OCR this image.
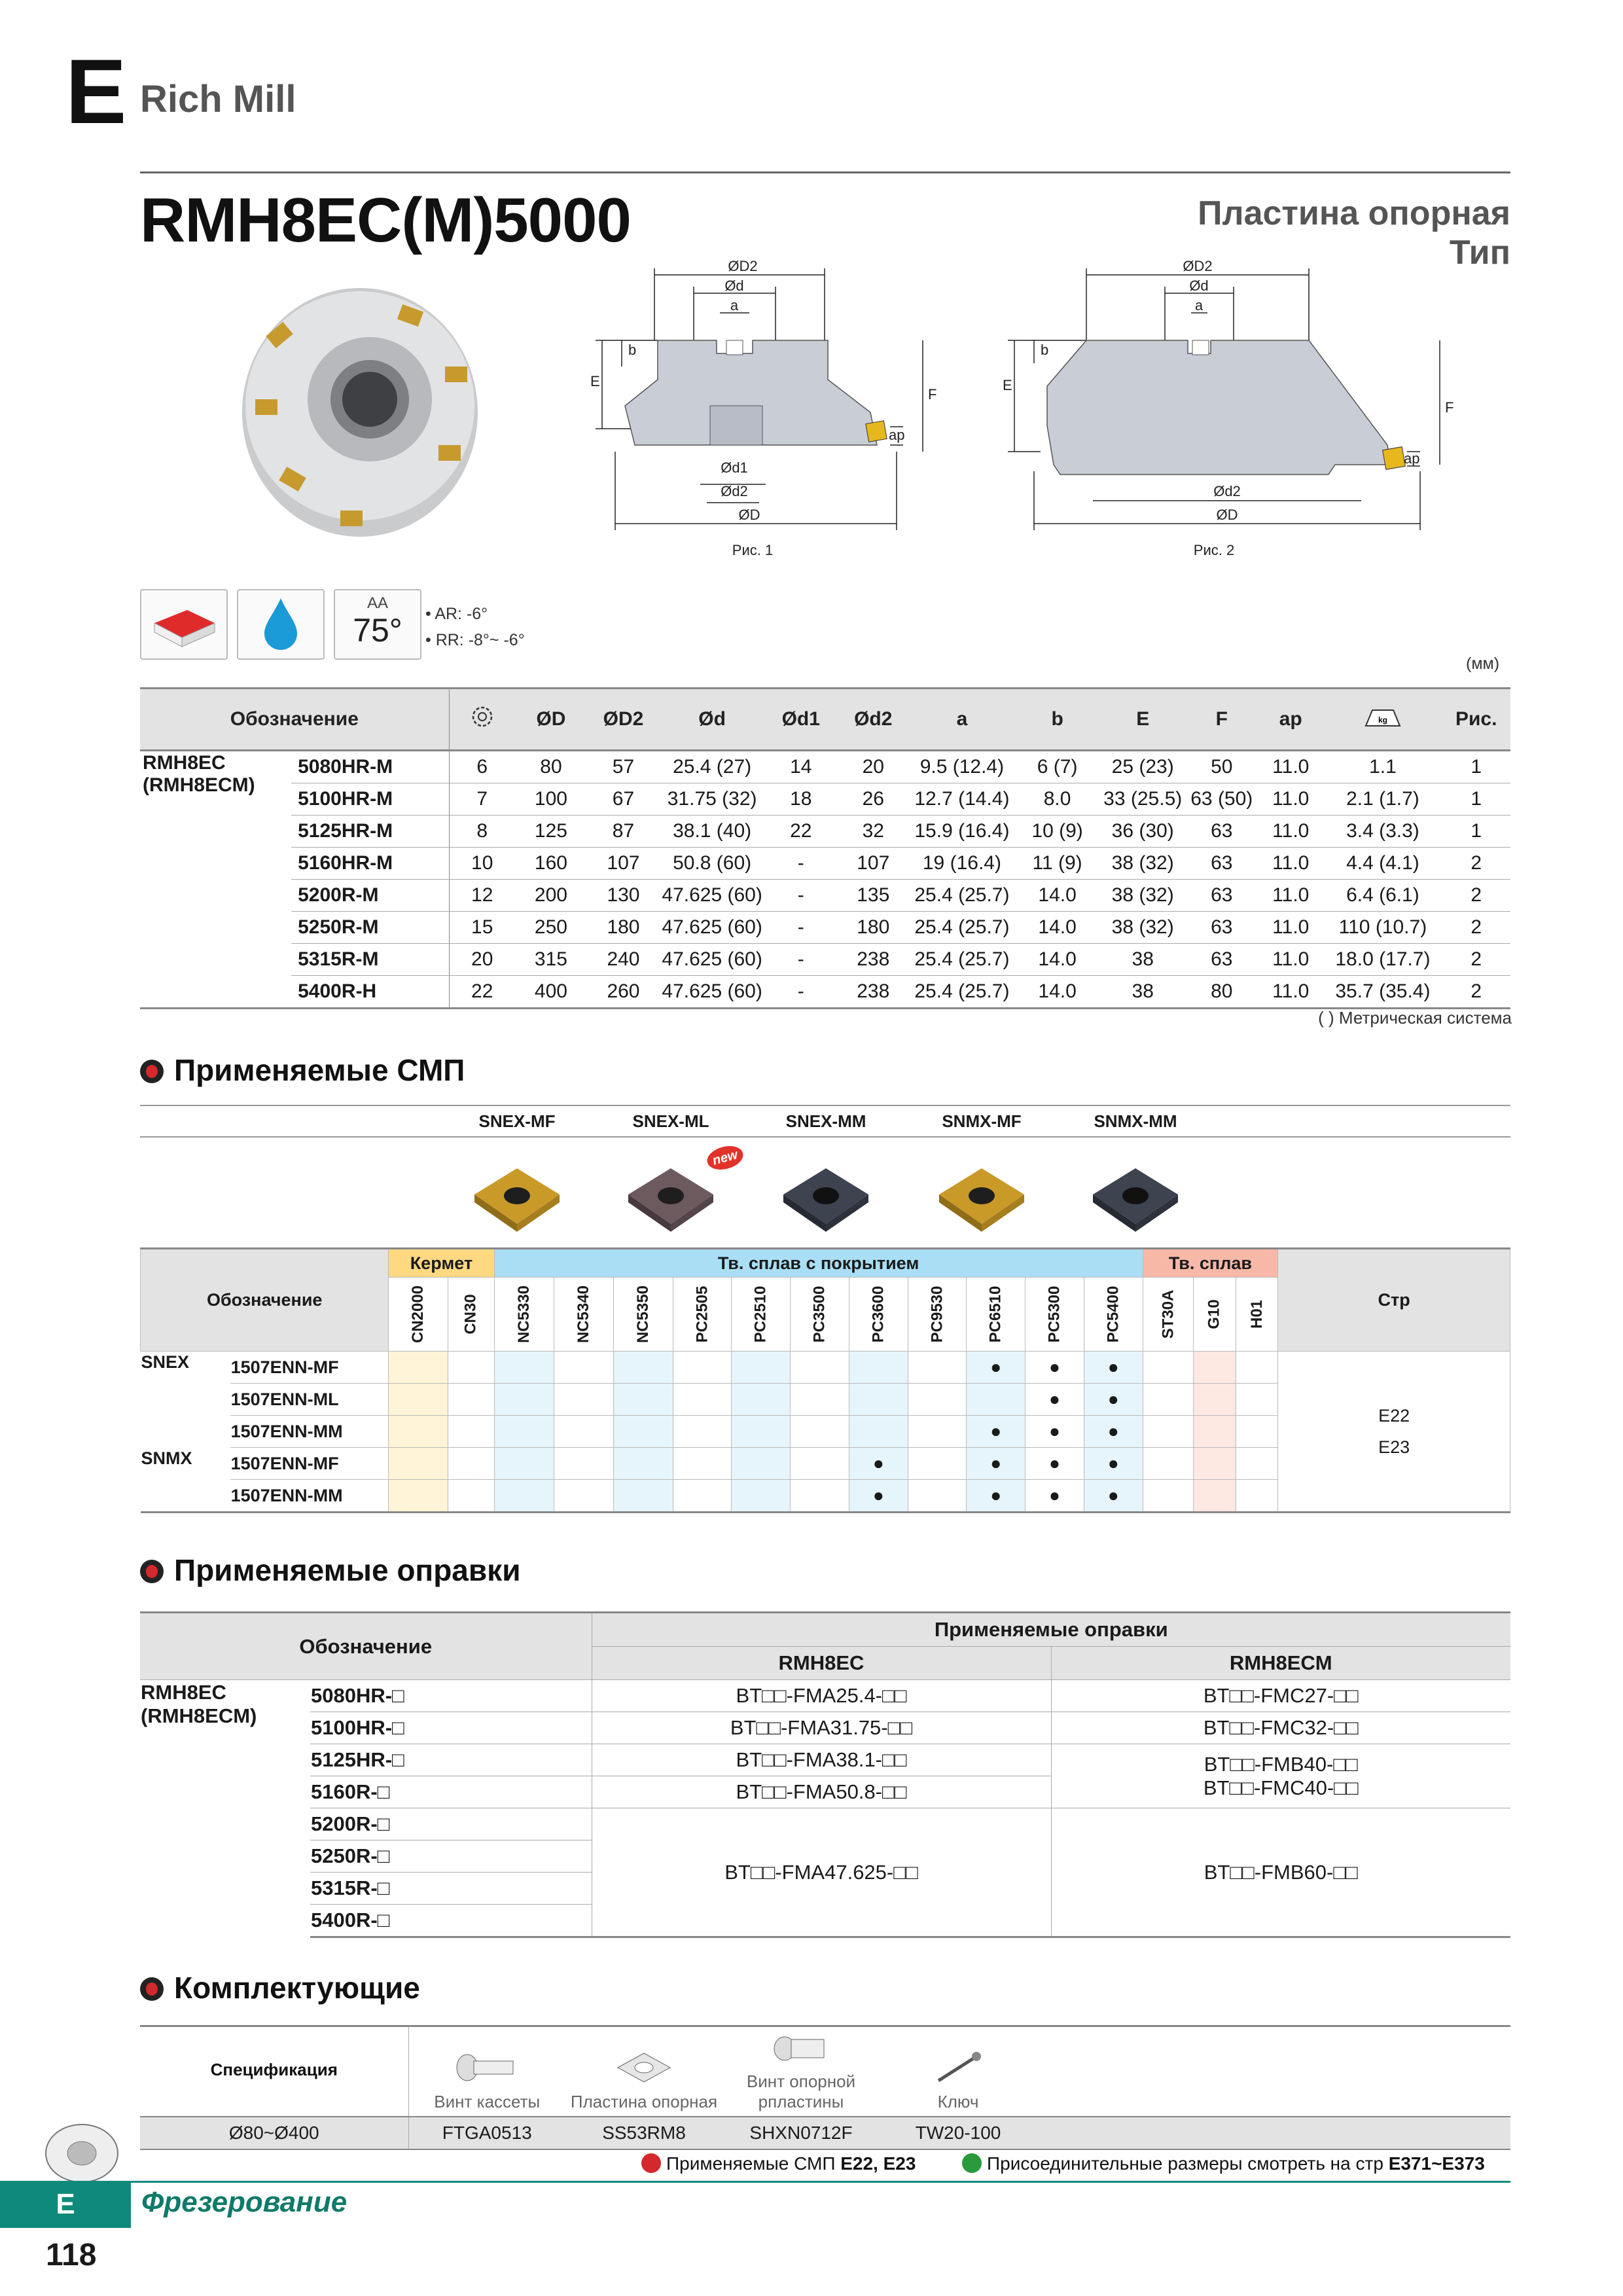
E Rich Mill
RMH8EC(M)5000	Пластина опорная Тип
ØD2
Ød
a
b
E
F
ap
Ød1
Ød2
ØD
Рис. 1
ØD2
Ød
a
b
E
F
ap
Ød2
ØD
Рис. 2
AA
75°	• AR: -6°
• RR: -8°~ -6°
(мм)
Обозначение			ØD	ØD2	Ød	Ød1	Ød2	a	b	E	F	ap	kg	Рис.

RMH8EC
(RMH8ECM)	5080HR-M	6	80	57	25.4 (27)	14	20	9.5 (12.4)	6 (7)	25 (23)	50	11.0	1.1	1
	5100HR-M	7	100	67	31.75 (32)	18	26	12.7 (14.4)	8.0	33 (25.5)	63 (50)	11.0	2.1 (1.7)	1
	5125HR-M	8	125	87	38.1 (40)	22	32	15.9 (16.4)	10 (9)	36 (30)	63	11.0	3.4 (3.3)	1
	5160HR-M	10	160	107	50.8 (60)	-	107	19 (16.4)	11 (9)	38 (32)	63	11.0	4.4 (4.1)	2
	5200R-M	12	200	130	47.625 (60)	-	135	25.4 (25.7)	14.0	38 (32)	63	11.0	6.4 (6.1)	2
	5250R-M	15	250	180	47.625 (60)	-	180	25.4 (25.7)	14.0	38 (32)	63	11.0	110 (10.7)	2
	5315R-M	20	315	240	47.625 (60)	-	238	25.4 (25.7)	14.0	38	63	11.0	18.0 (17.7)	2
	5400R-H	22	400	260	47.625 (60)	-	238	25.4 (25.7)	14.0	38	80	11.0	35.7 (35.4)	2
( ) Метрическая система
Применяемые СМП
SNEX-MF	SNEX-ML	SNEX-MM	SNMX-MF	SNMX-MM
new
Обозначение		Кермет		Тв. сплав с покрытием											Тв. сплав			Стр
		CN2000	CN30	NC5330	NC5340	NC5350	PC2505	PC2510	PC3500	PC3600	PC9530	PC6510	PC5300	PC5400	ST30A	G10	H01	
SNEX	1507ENN-MF											●	●	●				E22
E23

	1507ENN-ML												●	●			
	1507ENN-MM											●	●	●			
SNMX	1507ENN-MF									●		●	●	●			
	1507ENN-MM									●		●	●	●			
Применяемые оправки
Обозначение		Применяемые оправки	
		RMH8EC	RMH8ECM

RMH8EC
(RMH8ECM)	5080HR-□	BT□□-FMA25.4-□□	BT□□-FMC27-□□
	5100HR-□	BT□□-FMA31.75-□□	BT□□-FMC32-□□
	5125HR-□	BT□□-FMA38.1-□□	BT□□-FMB40-□□
BT□□-FMC40-□□

	5160R-□	BT□□-FMA50.8-□□	
	5200R-□	BT□□-FMA47.625-□□	BT□□-FMB60-□□
	5250R-□		
	5315R-□		
	5400R-□		
Комплектующие
Спецификация	Винт кассеты	Пластина опорная	Винт опорной рпластины	Ключ	

Ø80~Ø400	FTGA0513	SS53RM8	SHXN0712F	TW20-100	
Применяемые СМП E22, E23	Присоединительные размеры смотреть на стр E371~E373
E	Фрезерование
118
